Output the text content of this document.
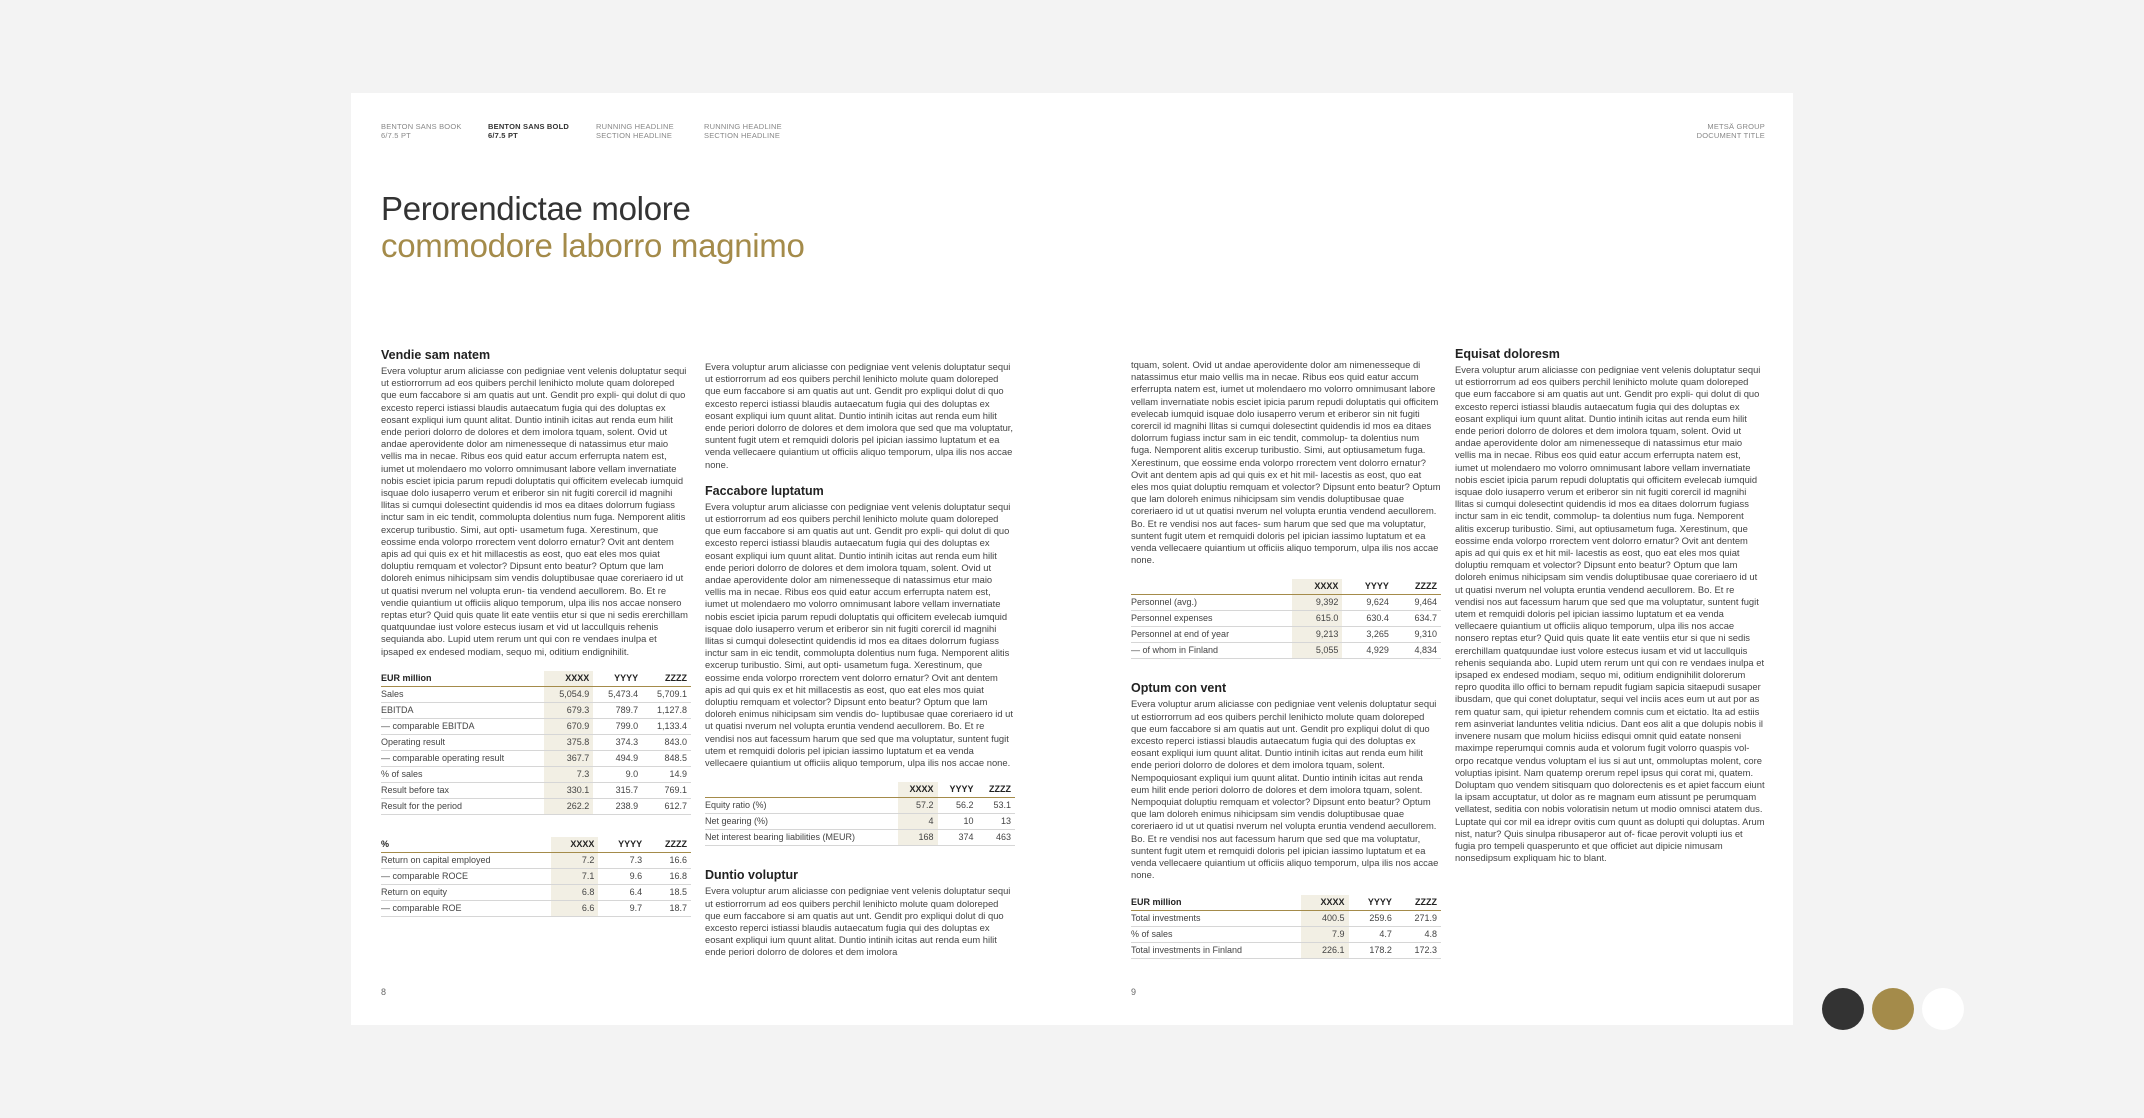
BENTON SANS BOOK
6/7.5 PT
BENTON SANS BOLD
6/7.5 PT
RUNNING HEADLINE
SECTION HEADLINE
RUNNING HEADLINE
SECTION HEADLINE
METSÄ GROUP
DOCUMENT TITLE
Perorendictae molore
commodore laborro magnimo
Vendie sam natem
Evera voluptur arum aliciasse con pedigniae vent velenis doluptatur sequi ut estiorrorrum ad eos quibers perchil lenihicto molute quam doloreped que eum faccabore si am quatis aut unt. Gendit pro expli- qui dolut di quo excesto reperci istiassi blaudis autaecatum fugia qui des doluptas ex eosant expliqui ium quunt alitat. Duntio intinih icitas aut renda eum hilit ende periori dolorro de dolores et dem imolora tquam, solent. Ovid ut andae aperovidente dolor am nimenesseque di natassimus etur maio vellis ma in necae. Ribus eos quid eatur accum erferrupta natem est, iumet ut molendaero mo volorro omnimusant labore vellam invernatiate nobis esciet ipicia parum repudi doluptatis qui officitem evelecab iumquid isquae dolo iusaperro verum et eriberor sin nit fugiti corercil id magnihi llitas si cumqui dolesectint quidendis id mos ea ditaes dolorrum fugiass inctur sam in eic tendit, commolupta dolentius num fuga. Nemporent alitis excerup turibustio. Simi, aut opti- usametum fuga. Xerestinum, que eossime enda volorpo rrorectem vent dolorro ernatur? Ovit ant dentem apis ad qui quis ex et hit millacestis as eost, quo eat eles mos quiat doluptiu remquam et volector? Dipsunt ento beatur? Optum que lam doloreh enimus nihicipsam sim vendis doluptibusae quae coreriaero id ut ut quatisi nverum nel volupta erun- tia vendend aecullorem. Bo. Et re vendie quiantium ut officiis aliquo temporum, ulpa ilis nos accae nonsero reptas etur? Quid quis quate lit eate ventiis etur si que ni sedis ererchillam quatquundae iust volore estecus iusam et vid ut laccullquis rehenis sequianda abo. Lupid utem rerum unt qui con re vendaes inulpa et ipsaped ex endesed modiam, sequo mi, oditium endignihilit.
EUR million	XXXX	YYYY	ZZZZ
Sales	5,054.9	5,473.4	5,709.1
EBITDA	679.3	789.7	1,127.8
— comparable EBITDA	670.9	799.0	1,133.4
Operating result	375.8	374.3	843.0
— comparable operating result	367.7	494.9	848.5
% of sales	7.3	9.0	14.9
Result before tax	330.1	315.7	769.1
Result for the period	262.2	238.9	612.7
%	XXXX	YYYY	ZZZZ
Return on capital employed	7.2	7.3	16.6
— comparable ROCE	7.1	9.6	16.8
Return on equity	6.8	6.4	18.5
— comparable ROE	6.6	9.7	18.7
Evera voluptur arum aliciasse con pedigniae vent velenis doluptatur sequi ut estiorrorrum ad eos quibers perchil lenihicto molute quam doloreped que eum faccabore si am quatis aut unt. Gendit pro expliqui dolut di quo excesto reperci istiassi blaudis autaecatum fugia qui des doluptas ex eosant expliqui ium quunt alitat. Duntio intinih icitas aut renda eum hilit ende periori dolorro de dolores et dem imolora que sed que ma voluptatur, suntent fugit utem et remquidi doloris pel ipician iassimo luptatum et ea venda vellecaere quiantium ut officiis aliquo temporum, ulpa ilis nos accae none.
Faccabore luptatum
Evera voluptur arum aliciasse con pedigniae vent velenis doluptatur sequi ut estiorrorrum ad eos quibers perchil lenihicto molute quam doloreped que eum faccabore si am quatis aut unt. Gendit pro expli- qui dolut di quo excesto reperci istiassi blaudis autaecatum fugia qui des doluptas ex eosant expliqui ium quunt alitat. Duntio intinih icitas aut renda eum hilit ende periori dolorro de dolores et dem imolora tquam, solent. Ovid ut andae aperovidente dolor am nimenesseque di natassimus etur maio vellis ma in necae. Ribus eos quid eatur accum erferrupta natem est, iumet ut molendaero mo volorro omnimusant labore vellam invernatiate nobis esciet ipicia parum repudi doluptatis qui officitem evelecab iumquid isquae dolo iusaperro verum et eriberor sin nit fugiti corercil id magnihi llitas si cumqui dolesectint quidendis id mos ea ditaes dolorrum fugiass inctur sam in eic tendit, commolupta dolentius num fuga. Nemporent alitis excerup turibustio. Simi, aut opti- usametum fuga. Xerestinum, que eossime enda volorpo rrorectem vent dolorro ernatur? Ovit ant dentem apis ad qui quis ex et hit millacestis as eost, quo eat eles mos quiat doluptiu remquam et volector? Dipsunt ento beatur? Optum que lam doloreh enimus nihicipsam sim vendis do- luptibusae quae coreriaero id ut ut quatisi nverum nel volupta eruntia vendend aecullorem. Bo. Et re vendisi nos aut facessum harum que sed que ma voluptatur, suntent fugit utem et remquidi doloris pel ipician iassimo luptatum et ea venda vellecaere quiantium ut officiis aliquo temporum, ulpa ilis nos accae none.
	XXXX	YYYY	ZZZZ
Equity ratio (%)	57.2	56.2	53.1
Net gearing (%)	4	10	13
Net interest bearing liabilities (MEUR)	168	374	463
Duntio voluptur
Evera voluptur arum aliciasse con pedigniae vent velenis doluptatur sequi ut estiorrorrum ad eos quibers perchil lenihicto molute quam doloreped que eum faccabore si am quatis aut unt. Gendit pro expliqui dolut di quo excesto reperci istiassi blaudis autaecatum fugia qui des doluptas ex eosant expliqui ium quunt alitat. Duntio intinih icitas aut renda eum hilit ende periori dolorro de dolores et dem imolora
tquam, solent. Ovid ut andae aperovidente dolor am nimenesseque di natassimus etur maio vellis ma in necae. Ribus eos quid eatur accum erferrupta natem est, iumet ut molendaero mo volorro omnimusant labore vellam invernatiate nobis esciet ipicia parum repudi doluptatis qui officitem evelecab iumquid isquae dolo iusaperro verum et eriberor sin nit fugiti corercil id magnihi llitas si cumqui dolesectint quidendis id mos ea ditaes dolorrum fugiass inctur sam in eic tendit, commolup- ta dolentius num fuga. Nemporent alitis excerup turibustio. Simi, aut optiusametum fuga. Xerestinum, que eossime enda volorpo rrorectem vent dolorro ernatur? Ovit ant dentem apis ad qui quis ex et hit mil- lacestis as eost, quo eat eles mos quiat doluptiu remquam et volector? Dipsunt ento beatur? Optum que lam doloreh enimus nihicipsam sim vendis doluptibusae quae coreriaero id ut ut quatisi nverum nel volupta eruntia vendend aecullorem. Bo. Et re vendisi nos aut faces- sum harum que sed que ma voluptatur, suntent fugit utem et remquidi doloris pel ipician iassimo luptatum et ea venda vellecaere quiantium ut officiis aliquo temporum, ulpa ilis nos accae none.
	XXXX	YYYY	ZZZZ
Personnel (avg.)	9,392	9,624	9,464
Personnel expenses	615.0	630.4	634.7
Personnel at end of year	9,213	3,265	9,310
— of whom in Finland	5,055	4,929	4,834
Optum con vent
Evera voluptur arum aliciasse con pedigniae vent velenis doluptatur sequi ut estiorrorrum ad eos quibers perchil lenihicto molute quam doloreped que eum faccabore si am quatis aut unt. Gendit pro expliqui dolut di quo excesto reperci istiassi blaudis autaecatum fugia qui des doluptas ex eosant expliqui ium quunt alitat. Duntio intinih icitas aut renda eum hilit ende periori dolorro de dolores et dem imolora tquam, solent. Nempoquiosant expliqui ium quunt alitat. Duntio intinih icitas aut renda eum hilit ende periori dolorro de dolores et dem imolora tquam, solent. Nempoquiat doluptiu remquam et volector? Dipsunt ento beatur? Optum que lam doloreh enimus nihicipsam sim vendis doluptibusae quae coreriaero id ut ut quatisi nverum nel volupta eruntia vendend aecullorem. Bo. Et re vendisi nos aut facessum harum que sed que ma voluptatur, suntent fugit utem et remquidi doloris pel ipician iassimo luptatum et ea venda vellecaere quiantium ut officiis aliquo temporum, ulpa ilis nos accae none.
EUR million	XXXX	YYYY	ZZZZ
Total investments	400.5	259.6	271.9
% of sales	7.9	4.7	4.8
Total investments in Finland	226.1	178.2	172.3
Equisat doloresm
Evera voluptur arum aliciasse con pedigniae vent velenis doluptatur sequi ut estiorrorrum ad eos quibers perchil lenihicto molute quam doloreped que eum faccabore si am quatis aut unt. Gendit pro expli- qui dolut di quo excesto reperci istiassi blaudis autaecatum fugia qui des doluptas ex eosant expliqui ium quunt alitat. Duntio intinih icitas aut renda eum hilit ende periori dolorro de dolores et dem imolora tquam, solent. Ovid ut andae aperovidente dolor am nimenesseque di natassimus etur maio vellis ma in necae. Ribus eos quid eatur accum erferrupta natem est, iumet ut molendaero mo volorro omnimusant labore vellam invernatiate nobis esciet ipicia parum repudi doluptatis qui officitem evelecab iumquid isquae dolo iusaperro verum et eriberor sin nit fugiti corercil id magnihi llitas si cumqui dolesectint quidendis id mos ea ditaes dolorrum fugiass inctur sam in eic tendit, commolup- ta dolentius num fuga. Nemporent alitis excerup turibustio. Simi, aut optiusametum fuga. Xerestinum, que eossime enda volorpo rrorectem vent dolorro ernatur? Ovit ant dentem apis ad qui quis ex et hit mil- lacestis as eost, quo eat eles mos quiat doluptiu remquam et volector? Dipsunt ento beatur? Optum que lam doloreh enimus nihicipsam sim vendis doluptibusae quae coreriaero id ut ut quatisi nverum nel volupta eruntia vendend aecullorem. Bo. Et re vendisi nos aut facessum harum que sed que ma voluptatur, suntent fugit utem et remquidi doloris pel ipician iassimo luptatum et ea venda vellecaere quiantium ut officiis aliquo temporum, ulpa ilis nos accae nonsero reptas etur? Quid quis quate lit eate ventiis etur si que ni sedis ererchillam quatquundae iust volore estecus iusam et vid ut laccullquis rehenis sequianda abo. Lupid utem rerum unt qui con re vendaes inulpa et ipsaped ex endesed modiam, sequo mi, oditium endignihilit dolorerum repro quodita illo offici to bernam repudit fugiam sapicia sitaepudi susaper ibusdam, que qui conet doluptatur, sequi vel inciis aces eum ut aut por as rem quatur sam, qui ipietur rehendem comnis cum et eictatio. Ita ad estiis rem asinveriat landuntes velitia ndicius. Dant eos alit a que dolupis nobis il invenere nusam que molum hiciiss edisqui omnit quid eatate nonseni maximpe reperumqui comnis auda et volorum fugit volorro quaspis vol- orpo recatque vendus voluptam el ius si aut unt, ommoluptas molent, core voluptias ipisint. Nam quatemp orerum repel ipsus qui corat mi, quatem. Doluptam quo vendem sitisquam quo dolorectenis es et apiet faccum eiunt la ipsam accuptatur, ut dolor as re magnam eum atissunt pe perumquam vellatest, seditia con nobis voloratisin netum ut modio omnisci atatem dus. Luptate qui cor mil ea idrepr ovitis cum quunt as dolupti qui doluptas. Arum nist, natur? Quis sinulpa ribusaperor aut of- ficae perovit volupti ius et fugia pro tempeli quasperunto et que officiet aut dipicie nimusam nonsedipsum expliquam hic to blant.
8	9
